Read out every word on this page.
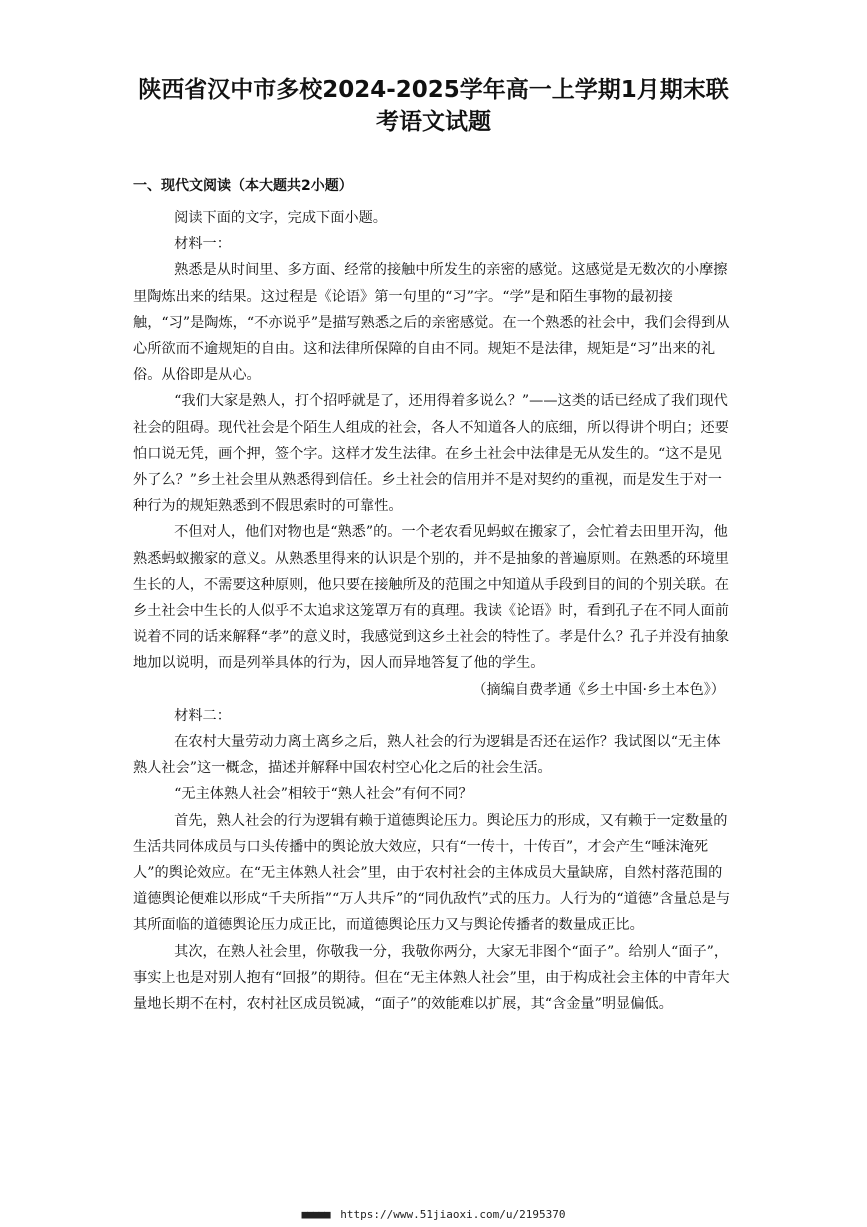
陕西省汉中市多校2024-2025学年高一上学期1月期末联
考语文试题
一、现代文阅读（本大题共2小题）

阅读下面的文字，完成下面小题。

材料一：

熟悉是从时间里、多方面、经常的接触中所发生的亲密的感觉。这感觉是无数次的小摩擦里陶炼出来的结果。这过程是《论语》第一句里的“习”字。“学”是和陌生事物的最初接触，“习”是陶炼，“不亦说乎”是描写熟悉之后的亲密感觉。在一个熟悉的社会中，我们会得到从心所欲而不逾规矩的自由。这和法律所保障的自由不同。规矩不是法律，规矩是“习”出来的礼俗。从俗即是从心。

“我们大家是熟人，打个招呼就是了，还用得着多说么？”——这类的话已经成了我们现代社会的阻碍。现代社会是个陌生人组成的社会，各人不知道各人的底细，所以得讲个明白；还要怕口说无凭，画个押，签个字。这样才发生法律。在乡土社会中法律是无从发生的。“这不是见外了么？”乡土社会里从熟悉得到信任。乡土社会的信用并不是对契约的重视，而是发生于对一种行为的规矩熟悉到不假思索时的可靠性。

不但对人，他们对物也是“熟悉”的。一个老农看见蚂蚁在搬家了，会忙着去田里开沟，他熟悉蚂蚁搬家的意义。从熟悉里得来的认识是个别的，并不是抽象的普遍原则。在熟悉的环境里生长的人，不需要这种原则，他只要在接触所及的范围之中知道从手段到目的间的个别关联。在乡土社会中生长的人似乎不太追求这笼罩万有的真理。我读《论语》时，看到孔子在不同人面前说着不同的话来解释“孝”的意义时，我感觉到这乡土社会的特性了。孝是什么？孔子并没有抽象地加以说明，而是列举具体的行为，因人而异地答复了他的学生。

（摘编自费孝通《乡土中国·乡土本色》）

材料二：

在农村大量劳动力离土离乡之后，熟人社会的行为逻辑是否还在运作？我试图以“无主体熟人社会”这一概念，描述并解释中国农村空心化之后的社会生活。

“无主体熟人社会”相较于“熟人社会”有何不同？

首先，熟人社会的行为逻辑有赖于道德舆论压力。舆论压力的形成，又有赖于一定数量的生活共同体成员与口头传播中的舆论放大效应，只有“一传十，十传百”，才会产生“唾沫淹死人”的舆论效应。在“无主体熟人社会”里，由于农村社会的主体成员大量缺席，自然村落范围的道德舆论便难以形成“千夫所指”“万人共斥”的“同仇敌忾”式的压力。人行为的“道德”含量总是与其所面临的道德舆论压力成正比，而道德舆论压力又与舆论传播者的数量成正比。

其次，在熟人社会里，你敬我一分，我敬你两分，大家无非图个“面子”。给别人“面子”，事实上也是对别人抱有“回报”的期待。但在“无主体熟人社会”里，由于构成社会主体的中青年大量地长期不在村，农村社区成员锐减，“面子”的效能难以扩展，其“含金量”明显偏低。

■■■■■ https://www.51jiaoxi.com/u/2195370
